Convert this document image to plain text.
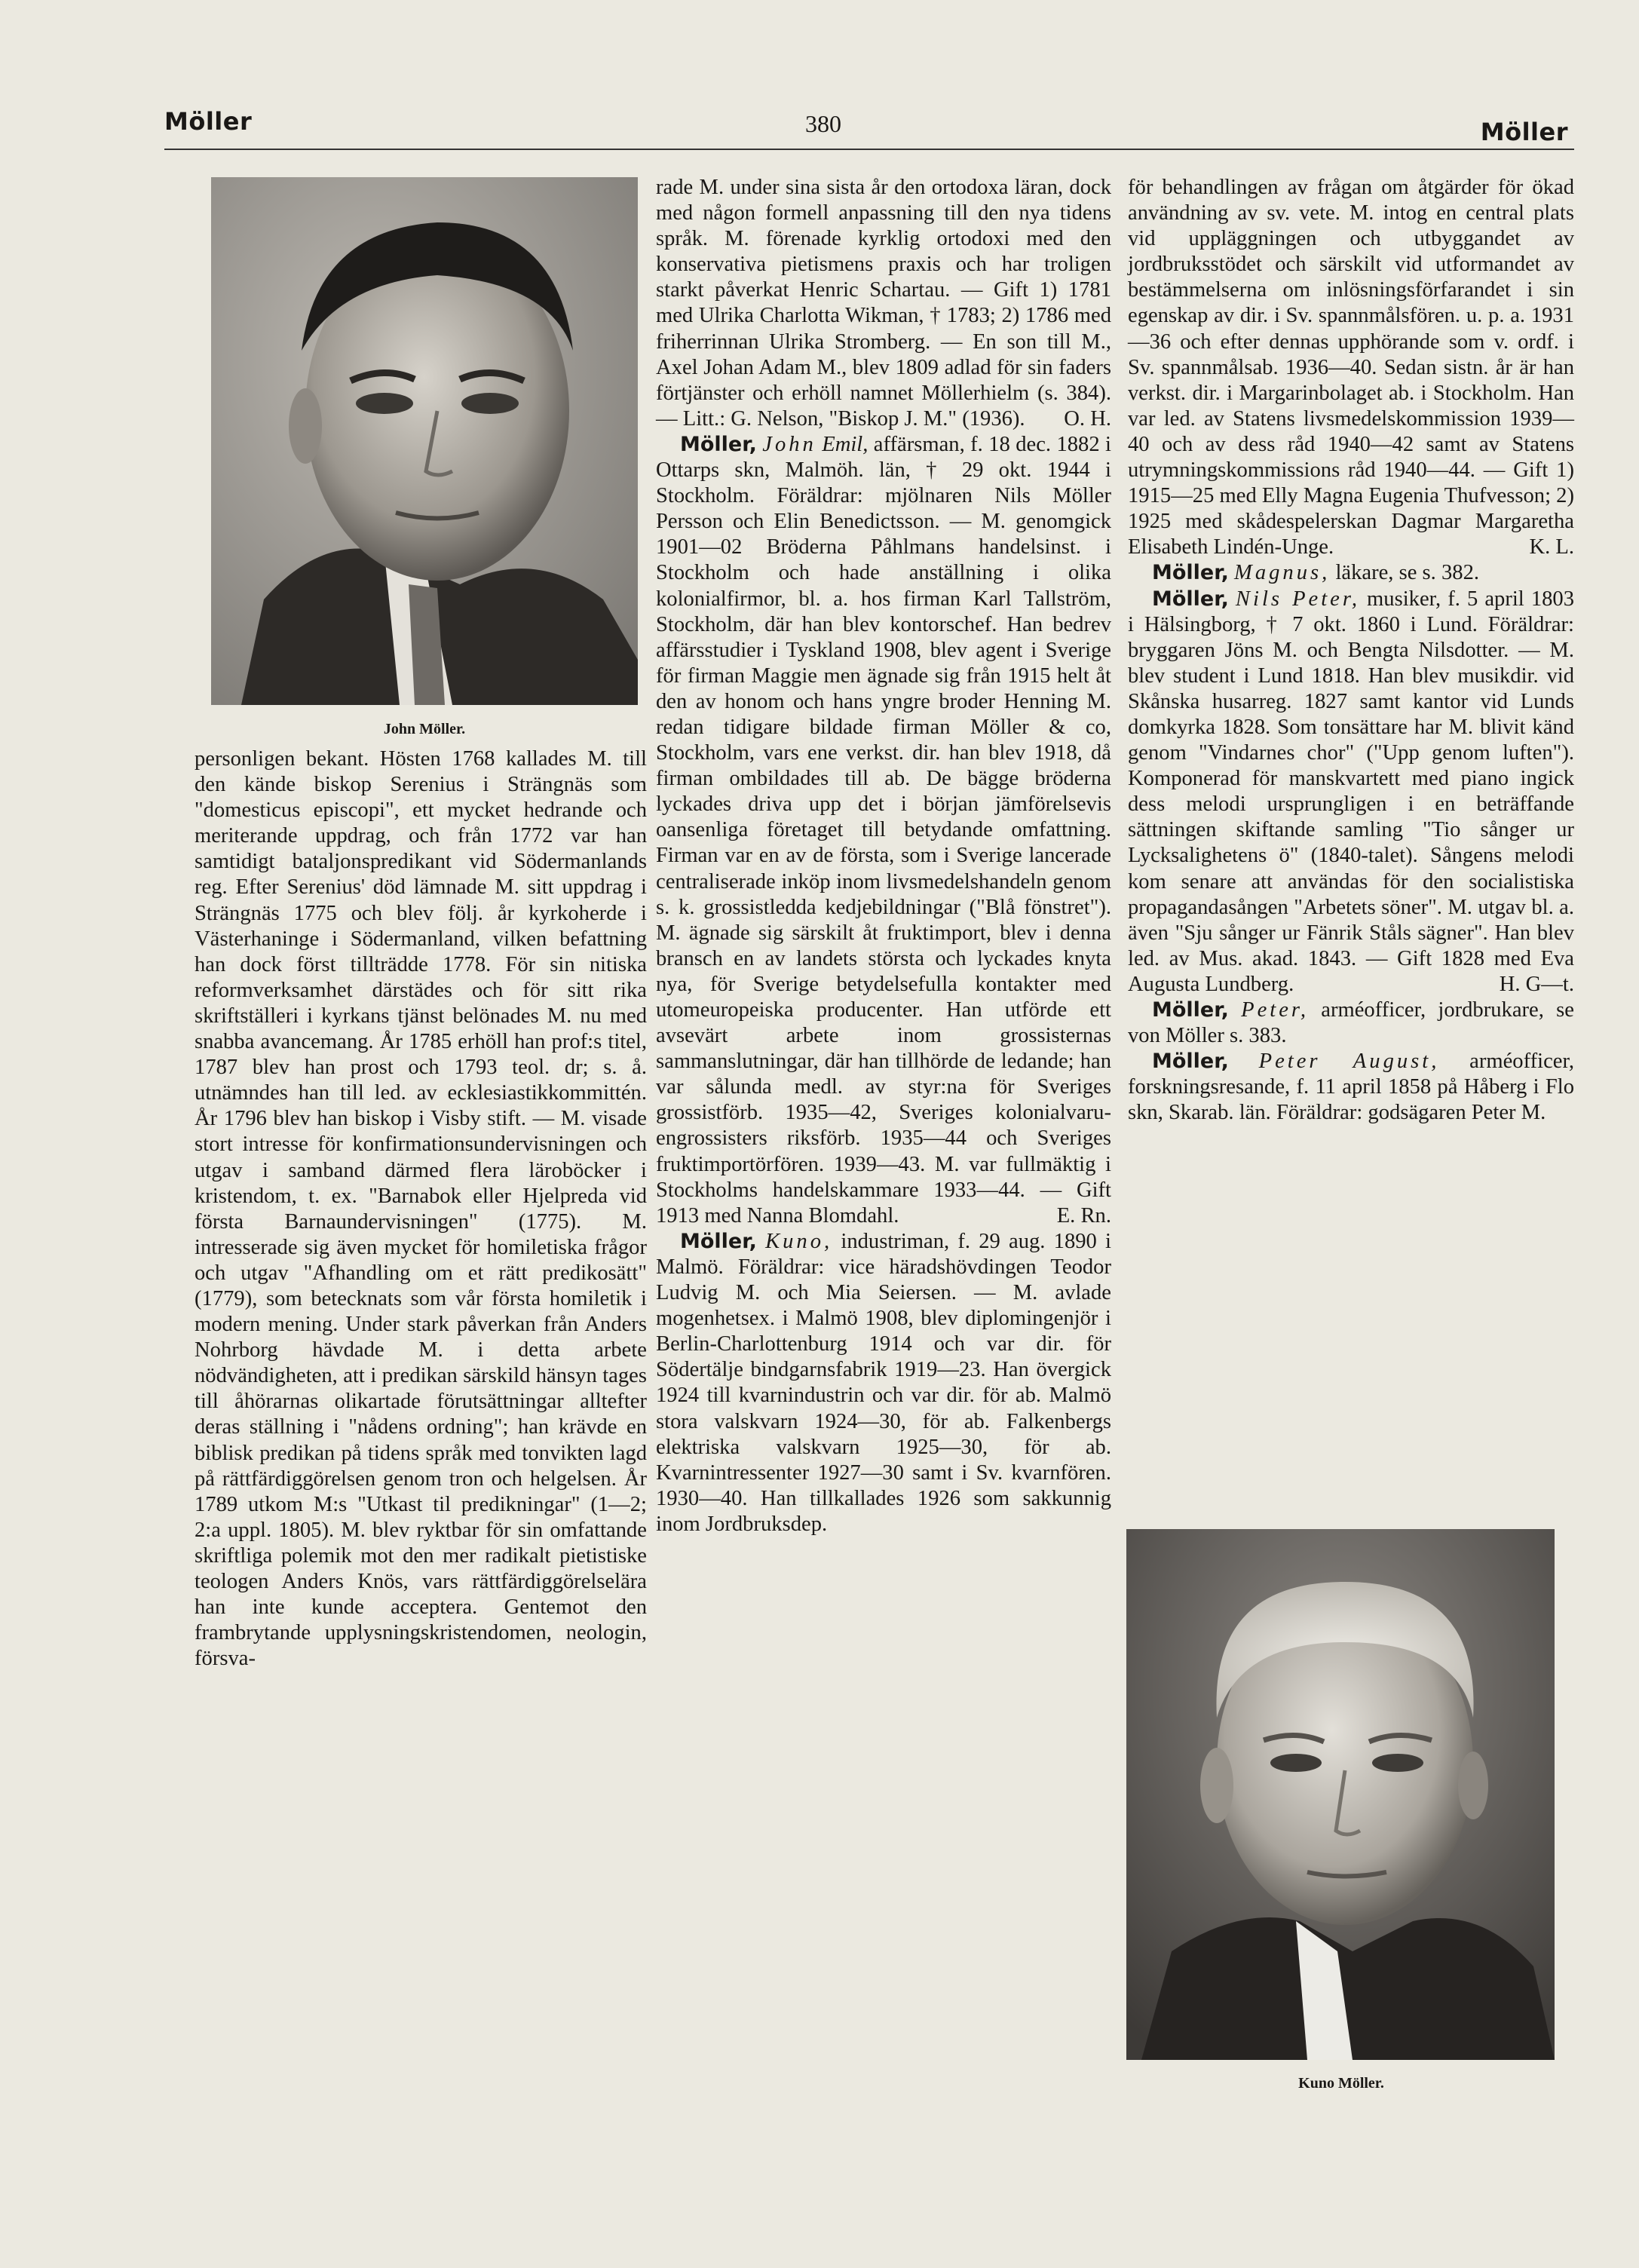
Möller	380	Möller
John Möller.

personligen bekant. Hösten 1768 kallades M. till den kände biskop Serenius i Strängnäs som "domesticus episcopi", ett mycket hedrande och meriterande uppdrag, och från 1772 var han samtidigt bataljonspredikant vid Södermanlands reg. Efter Serenius' död lämnade M. sitt uppdrag i Strängnäs 1775 och blev följ. år kyrkoherde i Västerhaninge i Södermanland, vilken befattning han dock först tillträdde 1778. För sin nitiska reformverksamhet därstädes och för sitt rika skriftställeri i kyrkans tjänst belönades M. nu med snabba avancemang. År 1785 erhöll han prof:s titel, 1787 blev han prost och 1793 teol. dr; s. å. utnämndes han till led. av ecklesiastikkommittén. År 1796 blev han biskop i Visby stift. — M. visade stort intresse för konfirmationsundervisningen och utgav i samband därmed flera läroböcker i kristendom, t. ex. "Barnabok eller Hjelpreda vid första Barnaundervisningen" (1775). M. intresserade sig även mycket för homiletiska frågor och utgav "Afhandling om et rätt predikosätt" (1779), som betecknats som vår första homiletik i modern mening. Under stark påverkan från Anders Nohrborg hävdade M. i detta arbete nödvändigheten, att i predikan särskild hänsyn tages till åhörarnas olikartade förutsättningar alltefter deras ställning i "nådens ordning"; han krävde en biblisk predikan på tidens språk med tonvikten lagd på rättfärdiggörelsen genom tron och helgelsen. År 1789 utkom M:s "Utkast til predikningar" (1—2; 2:a uppl. 1805). M. blev ryktbar för sin omfattande skriftliga polemik mot den mer radikalt pietistiske teologen Anders Knös, vars rättfärdiggörelselära han inte kunde acceptera. Gentemot den frambrytande upplysningskristendomen, neologin, försva-

rade M. under sina sista år den ortodoxa läran, dock med någon formell anpassning till den nya tidens språk. M. förenade kyrklig ortodoxi med den konservativa pietismens praxis och har troligen starkt påverkat Henric Schartau. — Gift 1) 1781 med Ulrika Charlotta Wikman, † 1783; 2) 1786 med friherrinnan Ulrika Stromberg. — En son till M., Axel Johan Adam M., blev 1809 adlad för sin faders förtjänster och erhöll namnet Möllerhielm (s. 384). — Litt.: G. Nelson, "Biskop J. M." (1936). O. H.

Möller, John Emil, affärsman, f. 18 dec. 1882 i Ottarps skn, Malmöh. län, † 29 okt. 1944 i Stockholm. Föräldrar: mjölnaren Nils Möller Persson och Elin Benedictsson. — M. genomgick 1901—02 Bröderna Påhlmans handelsinst. i Stockholm och hade anställning i olika kolonialfirmor, bl. a. hos firman Karl Tallström, Stockholm, där han blev kontorschef. Han bedrev affärsstudier i Tyskland 1908, blev agent i Sverige för firman Maggie men ägnade sig från 1915 helt åt den av honom och hans yngre broder Henning M. redan tidigare bildade firman Möller & co, Stockholm, vars ene verkst. dir. han blev 1918, då firman ombildades till ab. De bägge bröderna lyckades driva upp det i början jämförelsevis oansenliga företaget till betydande omfattning. Firman var en av de första, som i Sverige lancerade centraliserade inköp inom livsmedelshandeln genom s. k. grossistledda kedjebildningar ("Blå fönstret"). M. ägnade sig särskilt åt fruktimport, blev i denna bransch en av landets största och lyckades knyta nya, för Sverige betydelsefulla kontakter med utomeuropeiska producenter. Han utförde ett avsevärt arbete inom grossisternas sammanslutningar, där han tillhörde de ledande; han var sålunda medl. av styr:na för Sveriges grossistförb. 1935—42, Sveriges kolonialvaru-engrossisters riksförb. 1935—44 och Sveriges fruktimportörfören. 1939—43. M. var fullmäktig i Stockholms handelskammare 1933—44. — Gift 1913 med Nanna Blomdahl.	E. Rn.

Möller, Kuno, industriman, f. 29 aug. 1890 i Malmö. Föräldrar: vice häradshövdingen Teodor Ludvig M. och Mia Seiersen. — M. avlade mogenhetsex. i Malmö 1908, blev diplomingenjör i Berlin-Charlottenburg 1914 och var dir. för Södertälje bindgarnsfabrik 1919—23. Han övergick 1924 till kvarnindustrin och var dir. för ab. Malmö stora valskvarn 1924—30, för ab. Falkenbergs elektriska valskvarn 1925—30, för ab. Kvarnintressenter 1927—30 samt i Sv. kvarnfören. 1930—40. Han tillkallades 1926 som sakkunnig inom Jordbruksdep.

för behandlingen av frågan om åtgärder för ökad användning av sv. vete. M. intog en central plats vid uppläggningen och utbyggandet av jordbruksstödet och särskilt vid utformandet av bestämmelserna om inlösningsförfarandet i sin egenskap av dir. i Sv. spannmålsfören. u. p. a. 1931—36 och efter dennas upphörande som v. ordf. i Sv. spannmålsab. 1936—40. Sedan sistn. år är han verkst. dir. i Margarinbolaget ab. i Stockholm. Han var led. av Statens livsmedelskommission 1939—40 och av dess råd 1940—42 samt av Statens utrymningskommissions råd 1940—44. — Gift 1) 1915—25 med Elly Magna Eugenia Thufvesson; 2) 1925 med skådespelerskan Dagmar Margaretha Elisabeth Lindén-Unge.	K. L.

Möller, Magnus, läkare, se s. 382.

Möller, Nils Peter, musiker, f. 5 april 1803 i Hälsingborg, † 7 okt. 1860 i Lund. Föräldrar: bryggaren Jöns M. och Bengta Nilsdotter. — M. blev student i Lund 1818. Han blev musikdir. vid Skånska husarreg. 1827 samt kantor vid Lunds domkyrka 1828. Som tonsättare har M. blivit känd genom "Vindarnes chor" ("Upp genom luften"). Komponerad för manskvartett med piano ingick dess melodi ursprungligen i en beträffande sättningen skiftande samling "Tio sånger ur Lycksalighetens ö" (1840-talet). Sångens melodi kom senare att användas för den socialistiska propagandasången "Arbetets söner". M. utgav bl. a. även "Sju sånger ur Fänrik Ståls sägner". Han blev led. av Mus. akad. 1843. — Gift 1828 med Eva Augusta Lundberg.	H. G—t.

Möller, Peter, arméofficer, jordbrukare, se von Möller s. 383.

Möller, Peter August, arméofficer, forskningsresande, f. 11 april 1858 på Håberg i Flo skn, Skarab. län. Föräldrar: godsägaren Peter M.

Kuno Möller.
